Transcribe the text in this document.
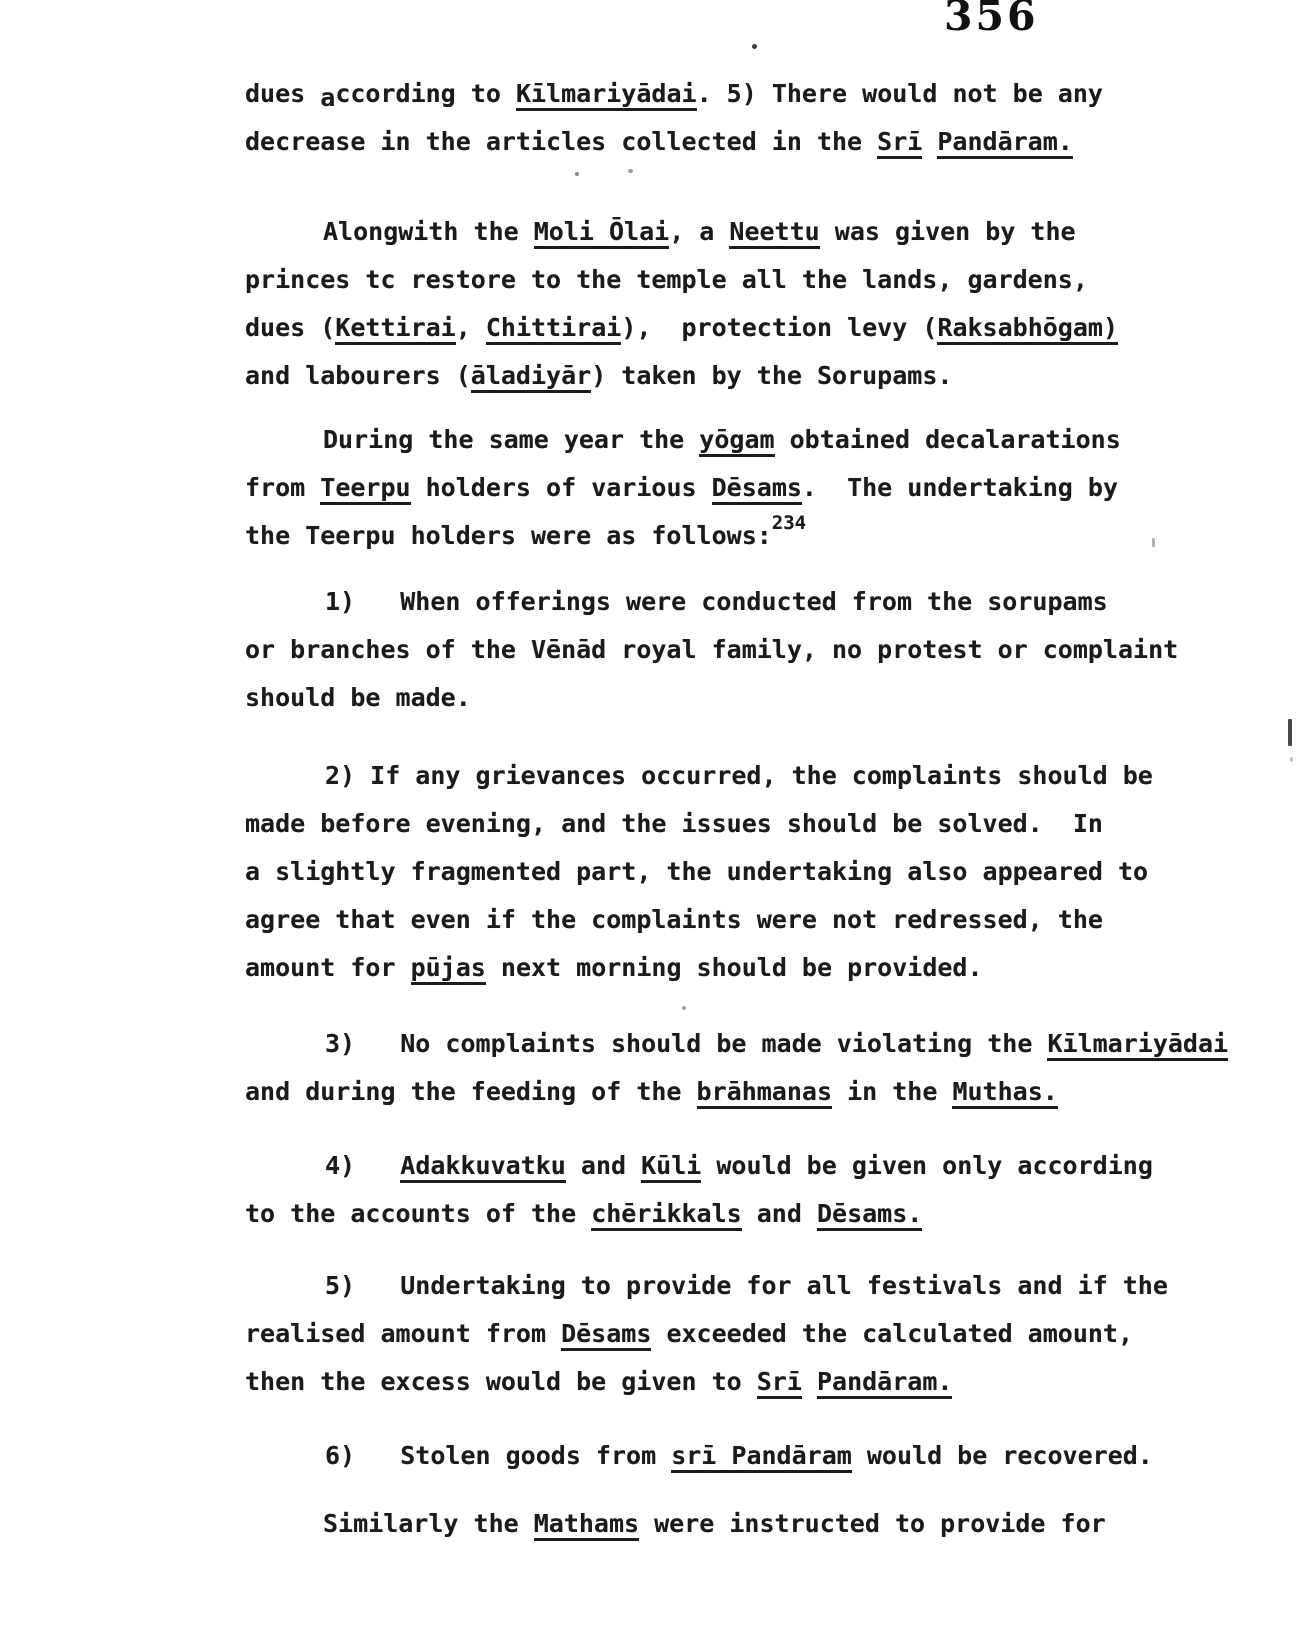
356
dues according to Kīlmariyādai. 5) There would not be any
decrease in the articles collected in the Srī Pandāram.
Alongwith the Moli Ōlai, a Neettu was given by the
princes tc restore to the temple all the lands, gardens,
dues (Kettirai, Chittirai),  protection levy (Raksabhōgam)
and labourers (āladiyār) taken by the Sorupams.
During the same year the yōgam obtained decalarations
from Teerpu holders of various Dēsams.  The undertaking by
the Teerpu holders were as follows:234
1)   When offerings were conducted from the sorupams
or branches of the Vēnād royal family, no protest or complaint
should be made.
2) If any grievances occurred, the complaints should be
made before evening, and the issues should be solved.  In
a slightly fragmented part, the undertaking also appeared to
agree that even if the complaints were not redressed, the
amount for pūjas next morning should be provided.
3)   No complaints should be made violating the Kīlmariyādai
and during the feeding of the brāhmanas in the Muthas.
4)   Adakkuvatku and Kūli would be given only according
to the accounts of the chērikkals and Dēsams.
5)   Undertaking to provide for all festivals and if the
realised amount from Dēsams exceeded the calculated amount,
then the excess would be given to Srī Pandāram.
6)   Stolen goods from srī Pandāram would be recovered.
Similarly the Mathams were instructed to provide for
